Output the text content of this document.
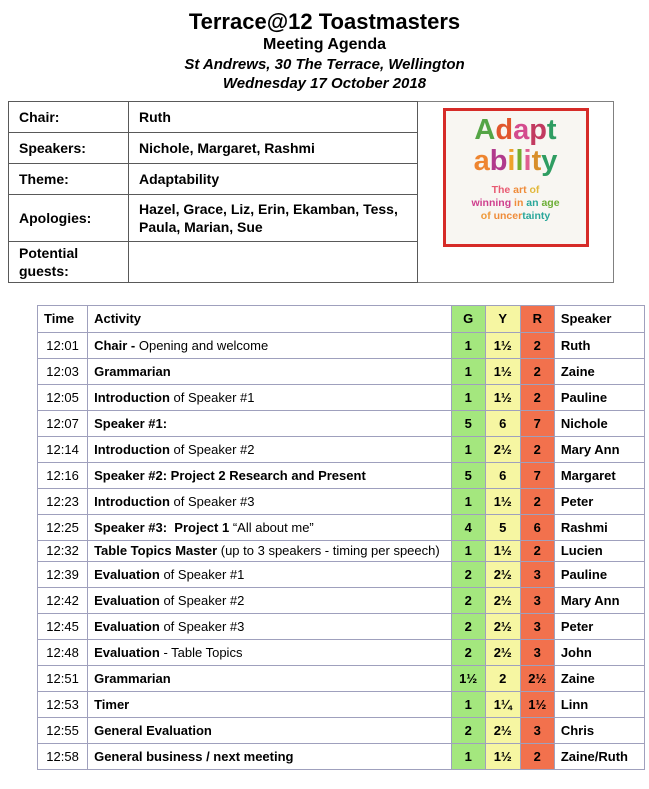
Terrace@12 Toastmasters
Meeting Agenda
St Andrews, 30 The Terrace, Wellington
Wednesday 17 October 2018
Chair:	Ruth
Speakers:	Nichole, Margaret, Rashmi
Theme:	Adaptability
Apologies:	Hazel, Grace, Liz, Erin, Ekamban, Tess, Paula, Marian, Sue
Potential guests:	
Adapt
ability
The art of
winning in an age
of uncertainty
Time	Activity	G	Y	R	Speaker
12:01	Chair - Opening and welcome	1	1½	2	Ruth
12:03	Grammarian	1	1½	2	Zaine
12:05	Introduction of Speaker #1	1	1½	2	Pauline
12:07	Speaker #1:	5	6	7	Nichole
12:14	Introduction of Speaker #2	1	2½	2	Mary Ann
12:16	Speaker #2: Project 2 Research and Present	5	6	7	Margaret
12:23	Introduction of Speaker #3	1	1½	2	Peter
12:25	Speaker #3:  Project 1 “All about me”	4	5	6	Rashmi
12:32	Table Topics Master (up to 3 speakers - timing per speech)	1	1½	2	Lucien
12:39	Evaluation of Speaker #1	2	2½	3	Pauline
12:42	Evaluation of Speaker #2	2	2½	3	Mary Ann
12:45	Evaluation of Speaker #3	2	2½	3	Peter
12:48	Evaluation - Table Topics	2	2½	3	John
12:51	Grammarian	1½	2	2½	Zaine
12:53	Timer	1	1¼	1½	Linn
12:55	General Evaluation	2	2½	3	Chris
12:58	General business / next meeting	1	1½	2	Zaine/Ruth
